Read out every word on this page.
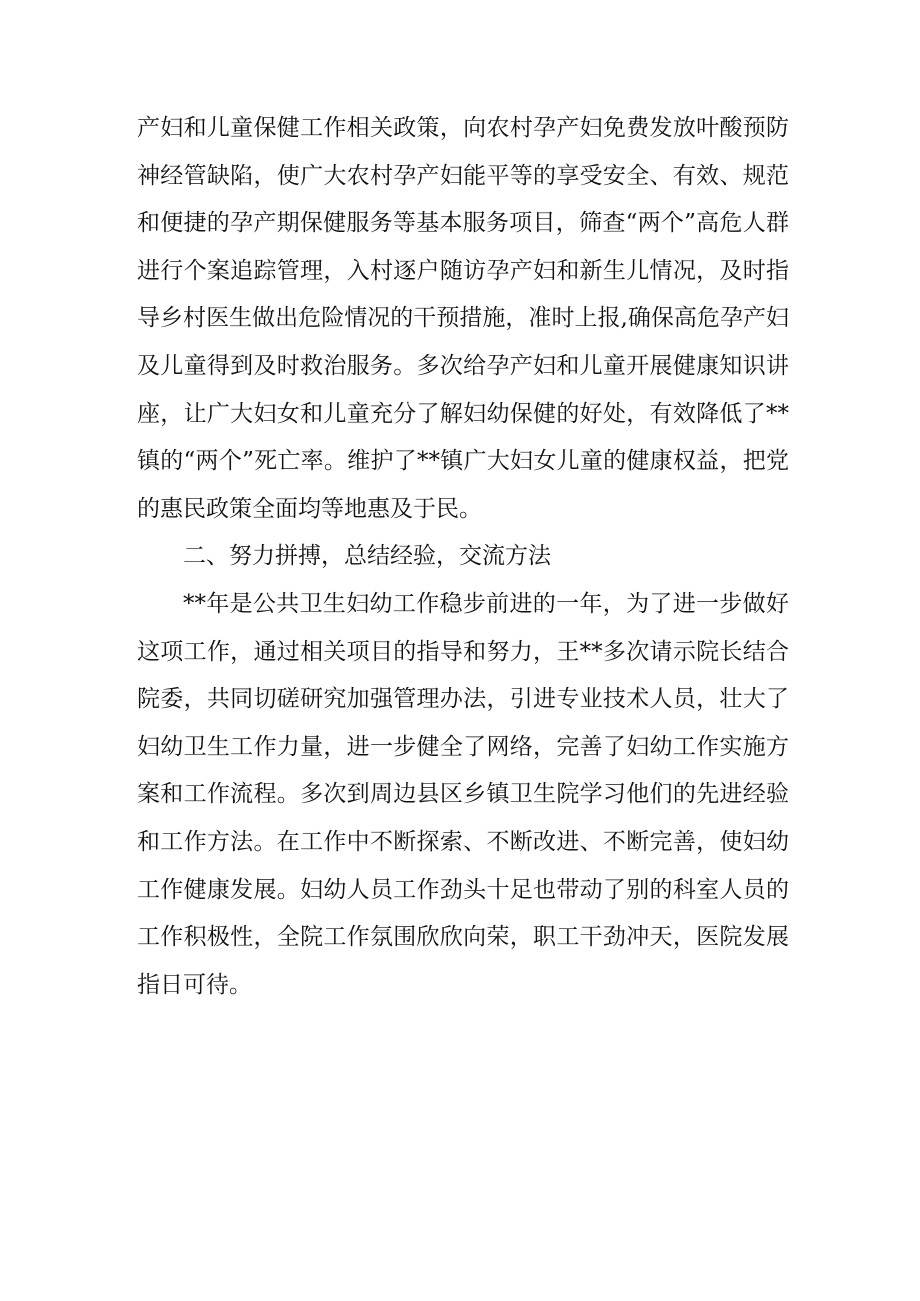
产妇和儿童保健工作相关政策，向农村孕产妇免费发放叶酸预防神经管缺陷，使广大农村孕产妇能平等的享受安全、有效、规范和便捷的孕产期保健服务等基本服务项目，筛查“两个”高危人群进行个案追踪管理，入村逐户随访孕产妇和新生儿情况，及时指导乡村医生做出危险情况的干预措施，准时上报,确保高危孕产妇及儿童得到及时救治服务。多次给孕产妇和儿童开展健康知识讲座，让广大妇女和儿童充分了解妇幼保健的好处，有效降低了**镇的“两个”死亡率。维护了**镇广大妇女儿童的健康权益，把党的惠民政策全面均等地惠及于民。

二、努力拼搏，总结经验，交流方法

**年是公共卫生妇幼工作稳步前进的一年，为了进一步做好这项工作，通过相关项目的指导和努力，王**多次请示院长结合院委，共同切磋研究加强管理办法，引进专业技术人员，壮大了妇幼卫生工作力量，进一步健全了网络，完善了妇幼工作实施方案和工作流程。多次到周边县区乡镇卫生院学习他们的先进经验和工作方法。在工作中不断探索、不断改进、不断完善，使妇幼工作健康发展。妇幼人员工作劲头十足也带动了别的科室人员的工作积极性，全院工作氛围欣欣向荣，职工干劲冲天，医院发展指日可待。
